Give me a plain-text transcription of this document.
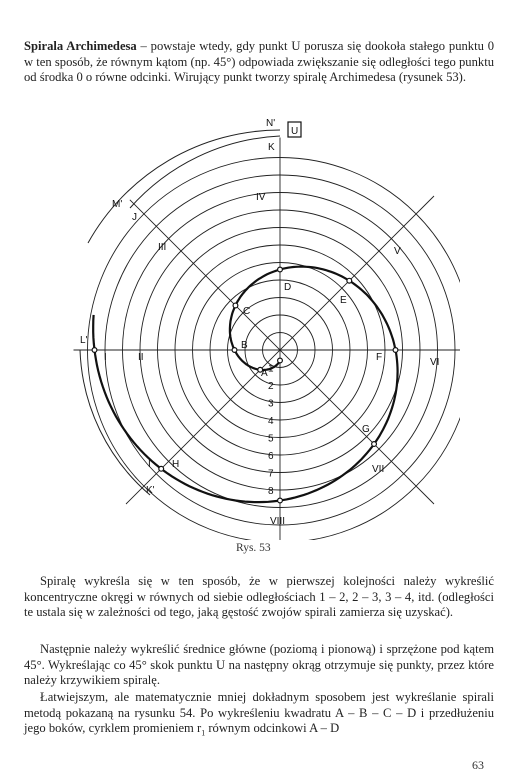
Spirala Archimedesa – powstaje wtedy, gdy punkt U porusza się dookoła stałego punktu 0 w ten sposób, że równym kątom (np. 45°) odpowiada zwiększanie się odległości tego punktu od środka 0 o równe odcinki. Wirujący punkt tworzy spiralę Archimedesa (rysunek 53).

U
N'
K
IV
M'
J
III	V
D
E
C
L'	B
I	II	F	VI
A 1
2
3
4
5
6
7
8
G
VII
I H
K'
VIII
Rys. 53

Spiralę wykreśla się w ten sposób, że w pierwszej kolejności należy wykreślić koncentryczne okręgi w równych od siebie odległościach 1 – 2, 2 – 3, 3 – 4, itd. (odległości te ustala się w zależności od tego, jaką gęstość zwojów spirali zamierza się uzyskać).

Następnie należy wykreślić średnice główne (poziomą i pionową) i sprzężone pod kątem 45°. Wykreślając co 45° skok punktu U na następny okrąg otrzymuje się punkty, przez które należy krzywikiem spiralę.

Łatwiejszym, ale matematycznie mniej dokładnym sposobem jest wykreślanie spirali metodą pokazaną na rysunku 54. Po wykreśleniu kwadratu A – B – C – D i przedłużeniu jego boków, cyrklem promieniem $r_1$ równym odcinkowi A – D

63
